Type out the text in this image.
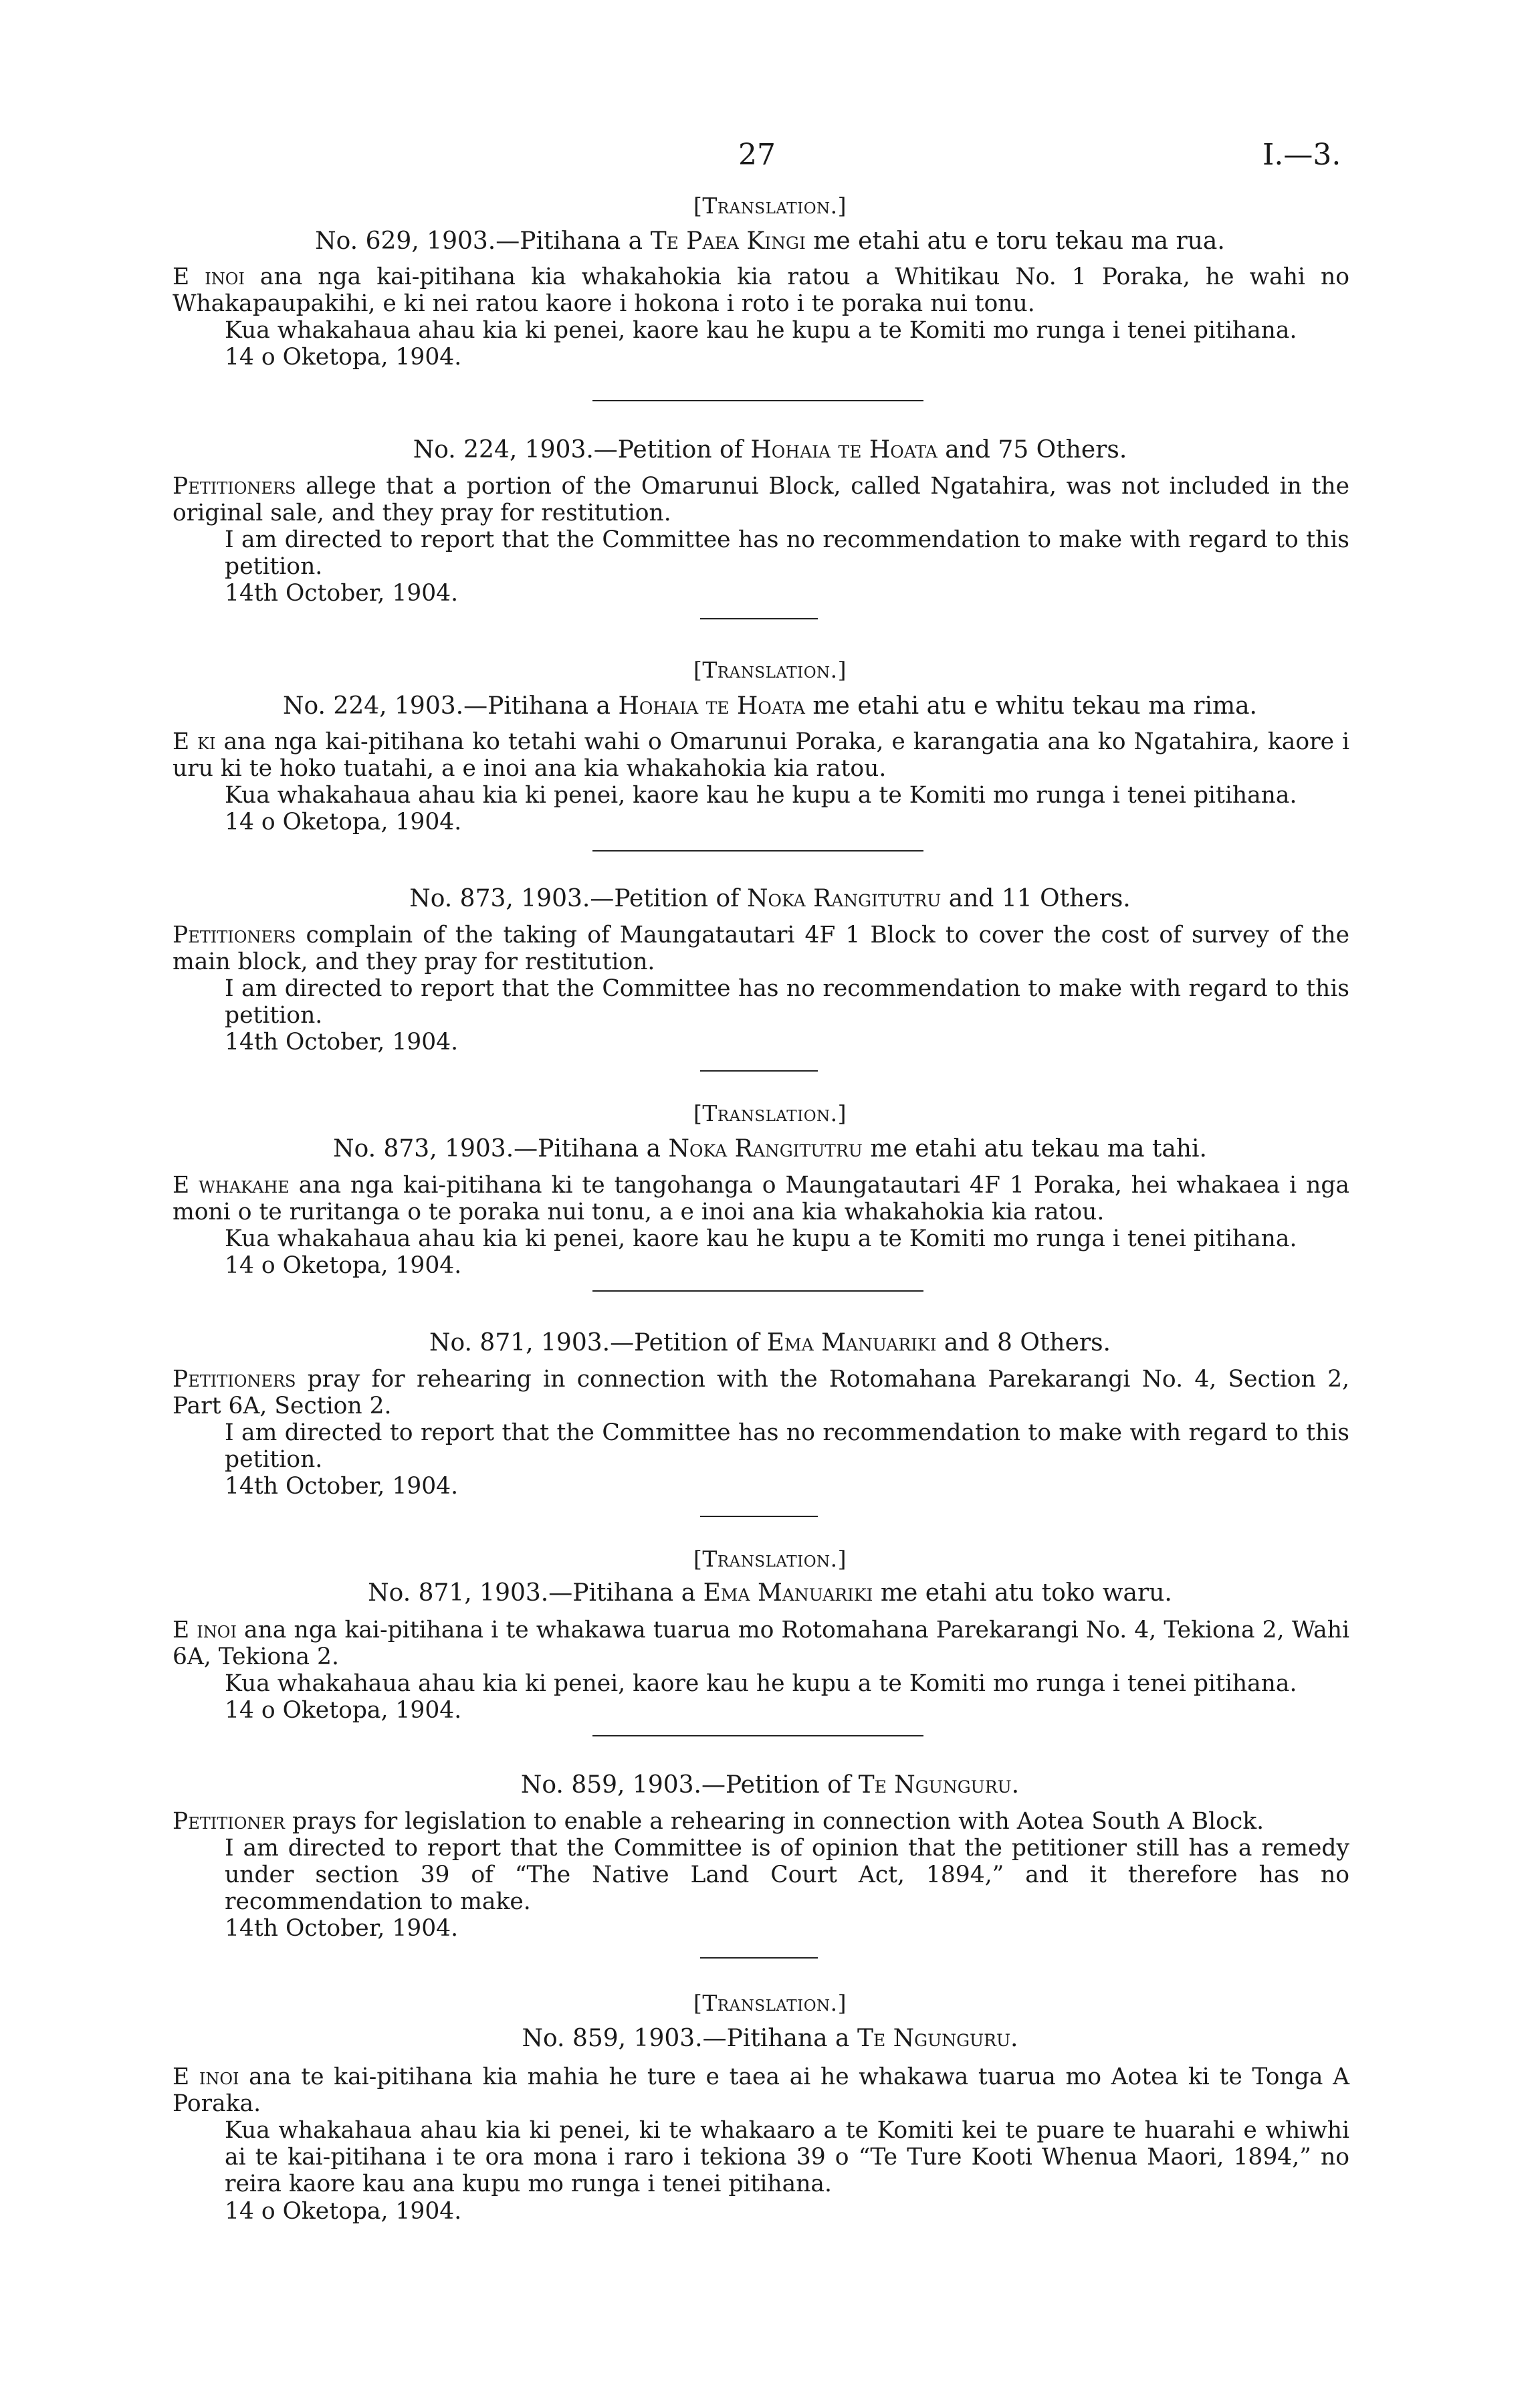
27	I.—3.
[Translation.]
No. 629, 1903.—Pitihana a Te Paea Kingi me etahi atu e toru tekau ma rua.
E inoi ana nga kai-pitihana kia whakahokia kia ratou a Whitikau No. 1 Poraka, he wahi no Whakapaupakihi, e ki nei ratou kaore i hokona i roto i te poraka nui tonu.
Kua whakahaua ahau kia ki penei, kaore kau he kupu a te Komiti mo runga i tenei pitihana.
14 o Oketopa, 1904.
No. 224, 1903.—Petition of Hohaia te Hoata and 75 Others.
Petitioners allege that a portion of the Omarunui Block, called Ngatahira, was not included in the original sale, and they pray for restitution.
I am directed to report that the Committee has no recommendation to make with regard to this petition.
14th October, 1904.
[Translation.]
No. 224, 1903.—Pitihana a Hohaia te Hoata me etahi atu e whitu tekau ma rima.
E ki ana nga kai-pitihana ko tetahi wahi o Omarunui Poraka, e karangatia ana ko Ngatahira, kaore i uru ki te hoko tuatahi, a e inoi ana kia whakahokia kia ratou.
Kua whakahaua ahau kia ki penei, kaore kau he kupu a te Komiti mo runga i tenei pitihana.
14 o Oketopa, 1904.
No. 873, 1903.—Petition of Noka Rangitutru and 11 Others.
Petitioners complain of the taking of Maungatautari 4F 1 Block to cover the cost of survey of the main block, and they pray for restitution.
I am directed to report that the Committee has no recommendation to make with regard to this petition.
14th October, 1904.
[Translation.]
No. 873, 1903.—Pitihana a Noka Rangitutru me etahi atu tekau ma tahi.
E whakahe ana nga kai-pitihana ki te tangohanga o Maungatautari 4F 1 Poraka, hei whakaea i nga moni o te ruritanga o te poraka nui tonu, a e inoi ana kia whakahokia kia ratou.
Kua whakahaua ahau kia ki penei, kaore kau he kupu a te Komiti mo runga i tenei pitihana.
14 o Oketopa, 1904.
No. 871, 1903.—Petition of Ema Manuariki and 8 Others.
Petitioners pray for rehearing in connection with the Rotomahana Parekarangi No. 4, Section 2, Part 6A, Section 2.
I am directed to report that the Committee has no recommendation to make with regard to this petition.
14th October, 1904.
[Translation.]
No. 871, 1903.—Pitihana a Ema Manuariki me etahi atu toko waru.
E inoi ana nga kai-pitihana i te whakawa tuarua mo Rotomahana Parekarangi No. 4, Tekiona 2, Wahi 6A, Tekiona 2.
Kua whakahaua ahau kia ki penei, kaore kau he kupu a te Komiti mo runga i tenei pitihana.
14 o Oketopa, 1904.
No. 859, 1903.—Petition of Te Ngunguru.
Petitioner prays for legislation to enable a rehearing in connection with Aotea South A Block.
I am directed to report that the Committee is of opinion that the petitioner still has a remedy under section 39 of “The Native Land Court Act, 1894,” and it therefore has no recommendation to make.
14th October, 1904.
[Translation.]
No. 859, 1903.—Pitihana a Te Ngunguru.
E inoi ana te kai-pitihana kia mahia he ture e taea ai he whakawa tuarua mo Aotea ki te Tonga A Poraka.
Kua whakahaua ahau kia ki penei, ki te whakaaro a te Komiti kei te puare te huarahi e whiwhi ai te kai-pitihana i te ora mona i raro i tekiona 39 o “Te Ture Kooti Whenua Maori, 1894,” no reira kaore kau ana kupu mo runga i tenei pitihana.
14 o Oketopa, 1904.
